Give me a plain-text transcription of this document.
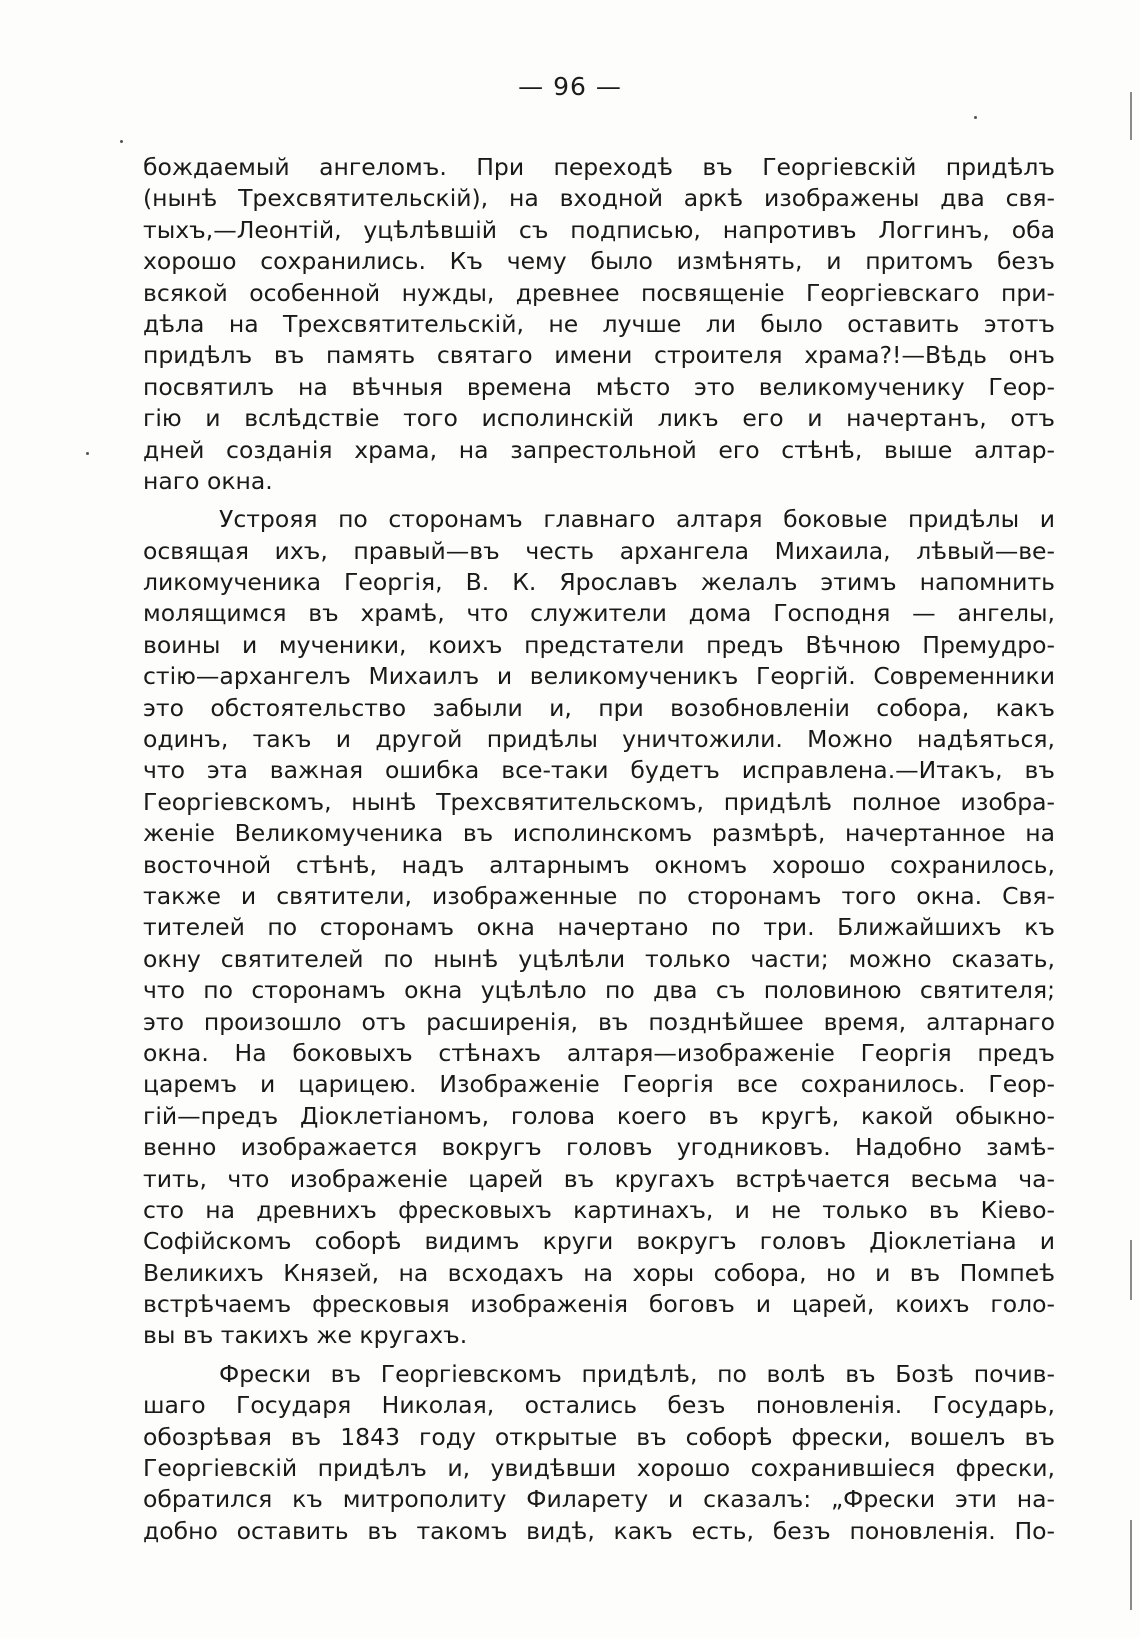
— 96 —
бождаемый ангеломъ. При переходѣ въ Георгіевскій придѣлъ
(нынѣ Трехсвятительскій), на входной аркѣ изображены два свя-
тыхъ,—Леонтій, уцѣлѣвшій съ подписью, напротивъ Логгинъ, оба
хорошо сохранились. Къ чему было измѣнять, и притомъ безъ
всякой особенной нужды, древнее посвященіе Георгіевскаго при-
дѣла на Трехсвятительскій, не лучше ли было оставить этотъ
придѣлъ въ память святаго имени строителя храма?!—Вѣдь онъ
посвятилъ на вѣчныя времена мѣсто это великомученику Геор-
гію и вслѣдствіе того исполинскій ликъ его и начертанъ, отъ
дней созданія храма, на запрестольной его стѣнѣ, выше алтар-
наго окна.
Устрояя по сторонамъ главнаго алтаря боковые придѣлы и
освящая ихъ, правый—въ честь архангела Михаила, лѣвый—ве-
ликомученика Георгія, В. К. Ярославъ желалъ этимъ напомнить
молящимся въ храмѣ, что служители дома Господня — ангелы,
воины и мученики, коихъ предстатели предъ Вѣчною Премудро-
стію—архангелъ Михаилъ и великомученикъ Георгій. Современники
это обстоятельство забыли и, при возобновленіи собора, какъ
одинъ, такъ и другой придѣлы уничтожили. Можно надѣяться,
что эта важная ошибка все-таки будетъ исправлена.—Итакъ, въ
Георгіевскомъ, нынѣ Трехсвятительскомъ, придѣлѣ полное изобра-
женіе Великомученика въ исполинскомъ размѣрѣ, начертанное на
восточной стѣнѣ, надъ алтарнымъ окномъ хорошо сохранилось,
также и святители, изображенные по сторонамъ того окна. Свя-
тителей по сторонамъ окна начертано по три. Ближайшихъ къ
окну святителей по нынѣ уцѣлѣли только части; можно сказать,
что по сторонамъ окна уцѣлѣло по два съ половиною святителя;
это произошло отъ расширенія, въ позднѣйшее время, алтарнаго
окна. На боковыхъ стѣнахъ алтаря—изображеніе Георгія предъ
царемъ и царицею. Изображеніе Георгія все сохранилось. Геор-
гій—предъ Діоклетіаномъ, голова коего въ кругѣ, какой обыкно-
венно изображается вокругъ головъ угодниковъ. Надобно замѣ-
тить, что изображеніе царей въ кругахъ встрѣчается весьма ча-
сто на древнихъ фресковыхъ картинахъ, и не только въ Кіево-
Софійскомъ соборѣ видимъ круги вокругъ головъ Діоклетіана и
Великихъ Князей, на всходахъ на хоры собора, но и въ Помпеѣ
встрѣчаемъ фресковыя изображенія боговъ и царей, коихъ голо-
вы въ такихъ же кругахъ.
Фрески въ Георгіевскомъ придѣлѣ, по волѣ въ Бозѣ почив-
шаго Государя Николая, остались безъ поновленія. Государь,
обозрѣвая въ 1843 году открытые въ соборѣ фрески, вошелъ въ
Георгіевскій придѣлъ и, увидѣвши хорошо сохранившіеся фрески,
обратился къ митрополиту Филарету и сказалъ: „Фрески эти на-
добно оставить въ такомъ видѣ, какъ есть, безъ поновленія. По-
